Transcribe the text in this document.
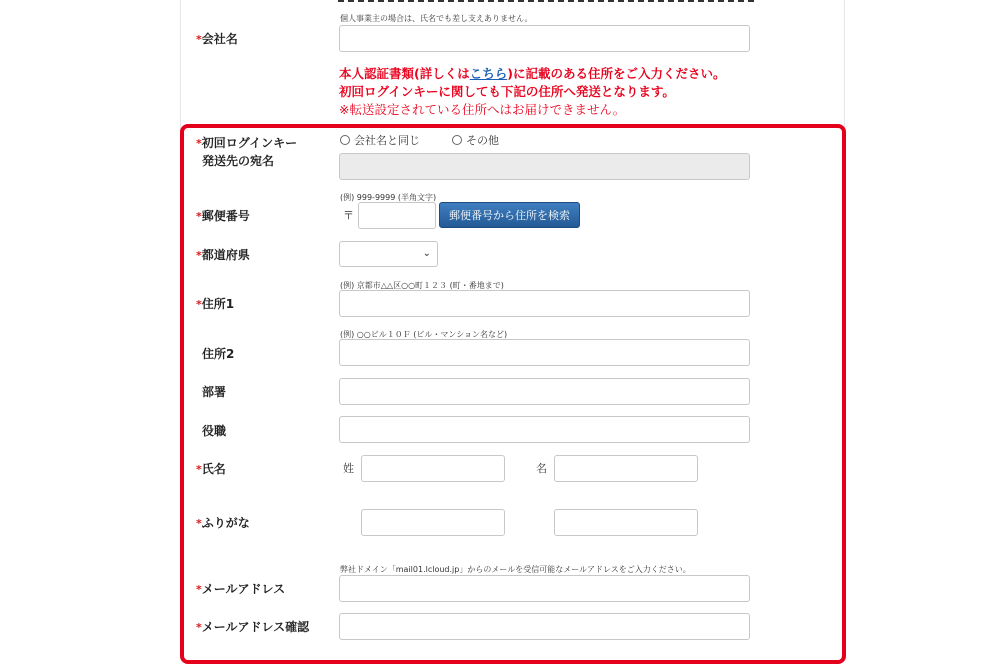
個人事業主の場合は、氏名でも差し支えありません。
*会社名
本人認証書類(詳しくはこちら)に記載のある住所をご入力ください。
初回ログインキーに関しても下記の住所へ発送となります。
※転送設定されている住所へはお届けできません。
*初回ログインキー
発送先の宛名
会社名と同じ	その他
(例) 999-9999 (半角文字)
*郵便番号	〒	郵便番号から住所を検索
*都道府県	⌄
(例) 京都市△△区○○町１２３ (町・番地まで)
*住所1
(例) ○○ビル１０Ｆ (ビル・マンション名など)
住所2
部署
役職
*氏名	姓	名
*ふりがな
弊社ドメイン「mail01.lcloud.jp」からのメールを受信可能なメールアドレスをご入力ください。
*メールアドレス
*メールアドレス確認
